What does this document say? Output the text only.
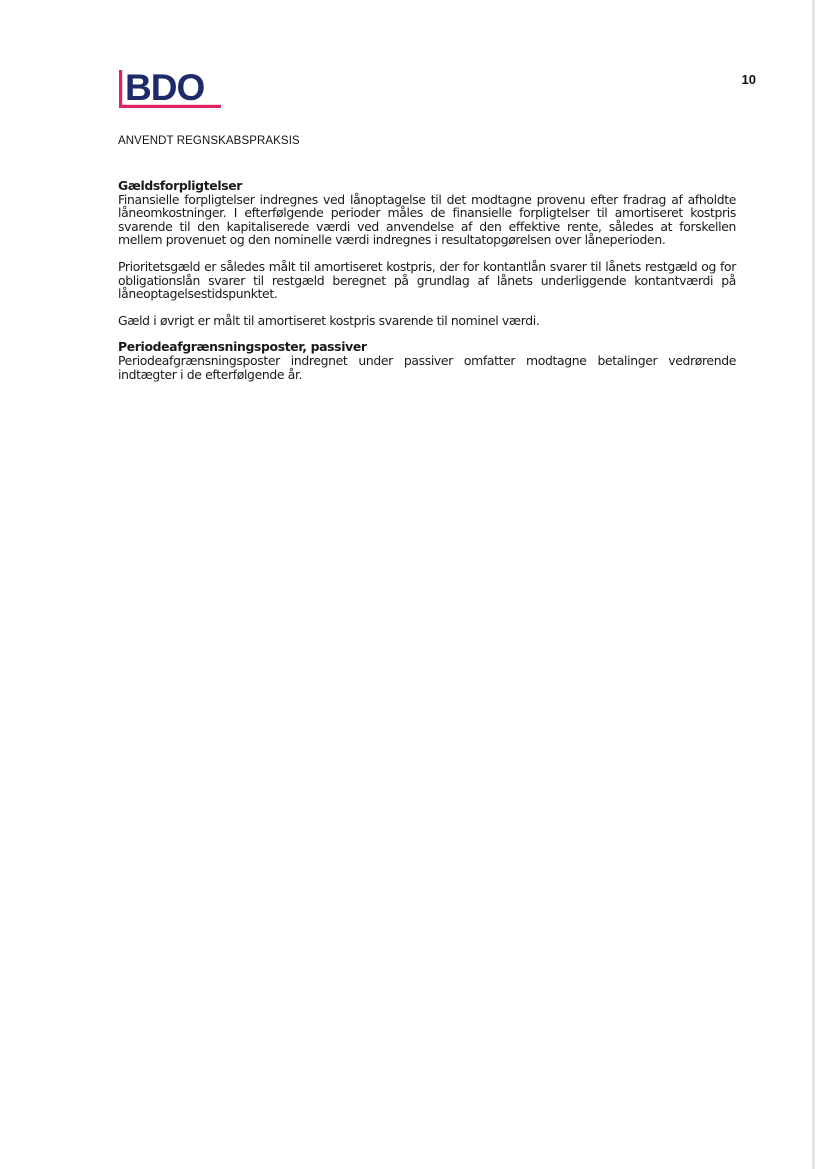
BDO	10
ANVENDT REGNSKABSPRAKSIS
Gældsforpligtelser

Finansielle forpligtelser indregnes ved lånoptagelse til det modtagne provenu efter fradrag af afholdte låneomkostninger. I efterfølgende perioder måles de finansielle forpligtelser til amortiseret kostpris svarende til den kapitaliserede værdi ved anvendelse af den effektive rente, således at forskellen mellem provenuet og den nominelle værdi indregnes i resultatopgørelsen over låneperioden.

Prioritetsgæld er således målt til amortiseret kostpris, der for kontantlån svarer til lånets restgæld og for obligationslån svarer til restgæld beregnet på grundlag af lånets underliggende kontantværdi på låneoptagelsestidspunktet.

Gæld i øvrigt er målt til amortiseret kostpris svarende til nominel værdi.

Periodeafgrænsningsposter, passiver

Periodeafgrænsningsposter indregnet under passiver omfatter modtagne betalinger vedrørende indtægter i de efterfølgende år.
